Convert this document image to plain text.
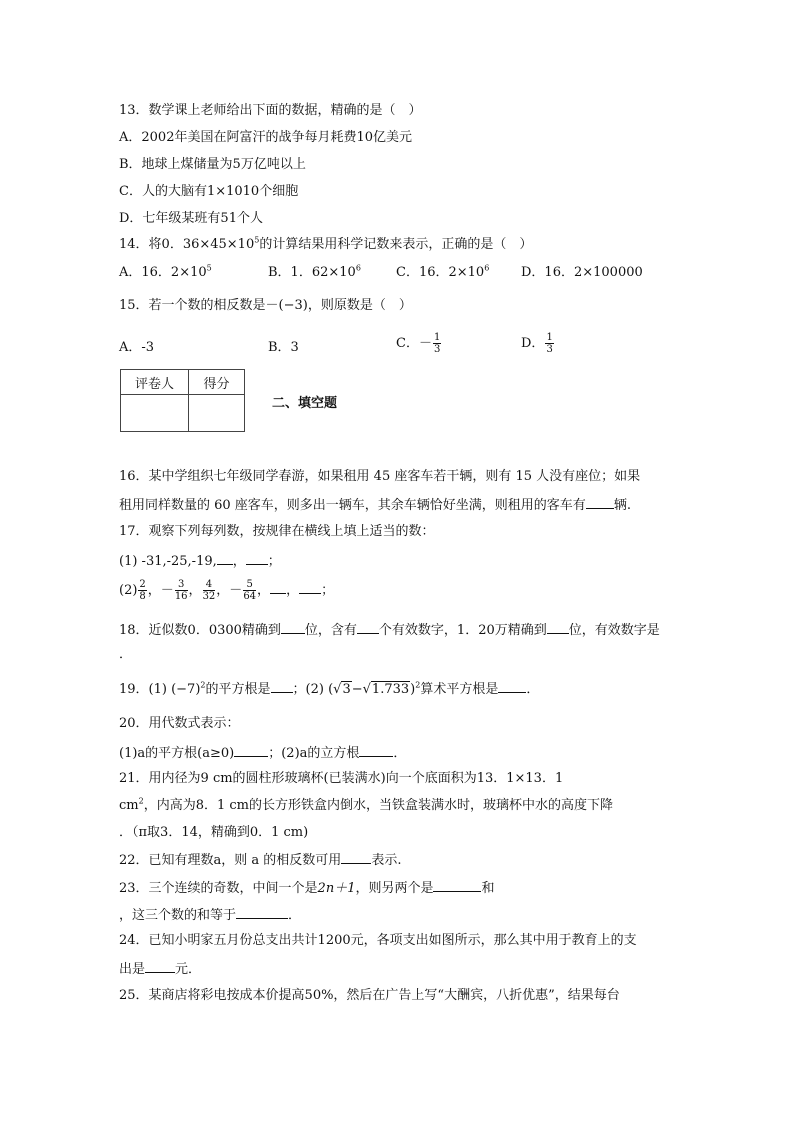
13．数学课上老师给出下面的数据，精确的是（　）
A．2002年美国在阿富汗的战争每月耗费10亿美元
B．地球上煤储量为5万亿吨以上
C．人的大脑有1×1010个细胞
D．七年级某班有51个人
14．将0．$36\times 45\times 10^5$的计算结果用科学记数来表示，正确的是（　）
A．16．$2\times 10^5$	B．1．$62\times 10^6$	C．16．$2\times 10^6$ D．16．2×100000
15．若一个数的相反数是－(−3)，则原数是（　）
A．-3	B．3	C．－ $\frac{1}{3}$	D． $\frac{1}{3}$
评卷人	得分

二、填空题
16．某中学组织七年级同学春游，如果租用 45 座客车若干辆，则有 15 人没有座位；如果
租用同样数量的 60 座客车，则多出一辆车，其余车辆恰好坐满，则租用的客车有 辆.
17．观察下列每列数，按规律在横线上填上适当的数：
(1) -31,-25,-19, ， ；
$(2) \frac{2}{8}$ ，－ $\frac{3}{16}$ ， $\frac{4}{32}$ ，－ $\frac{5}{64}$ ， ， ；
18．近似数0．0300精确到 位，含有 个有效数字，1．20万精确到 位，有效数字是
．
19．(1) $(-7)^2$的平方根是 ；(2) $(√3-√1.733)^2$算术平方根是 ．
20．用代数式表示：
(1)a的平方根(a≥0)	；(2)a的立方根	．
21．用内径为9 cm的圆柱形玻璃杯(已装满水)向一个底面积为13．1×13．1
$cm^2$，内高为8．1 cm的长方形铁盒内倒水，当铁盒装满水时，玻璃杯中水的高度下降
．（π取3．14，精确到0．1 cm)
22．已知有理数a，则 a 的相反数可用 表示.
23．三个连续的奇数，中间一个是2n＋1，则另两个是	和
，这三个数的和等于	．
24．已知小明家五月份总支出共计1200元，各项支出如图所示，那么其中用于教育上的支
出是 元．
25．某商店将彩电按成本价提高50%，然后在广告上写“大酬宾，八折优惠”，结果每台
